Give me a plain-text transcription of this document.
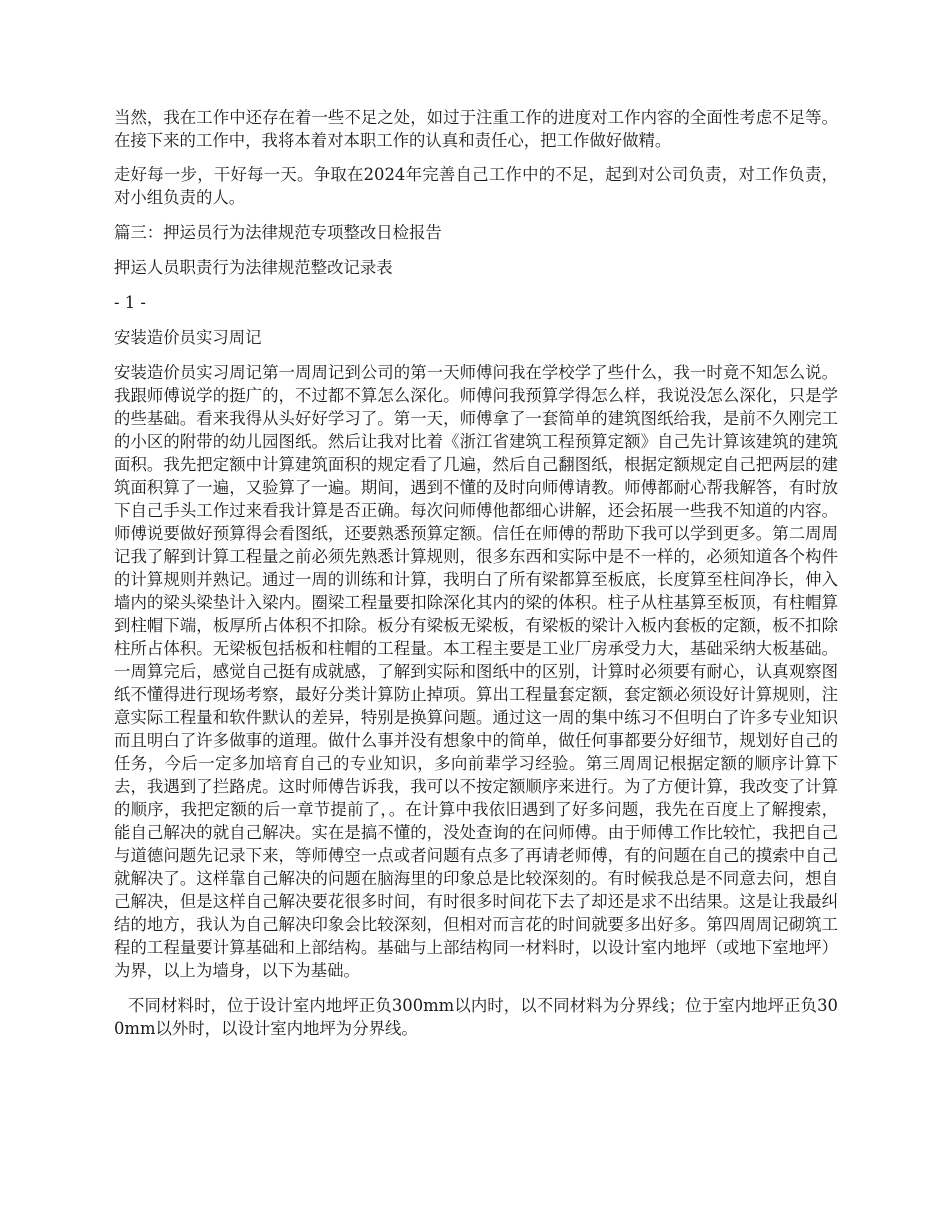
当然，我在工作中还存在着一些不足之处，如过于注重工作的进度对工作内容的全面性考虑不足等。在接下来的工作中，我将本着对本职工作的认真和责任心，把工作做好做精。

走好每一步，干好每一天。争取在2024年完善自己工作中的不足，起到对公司负责，对工作负责，对小组负责的人。

篇三：押运员行为法律规范专项整改日检报告

押运人员职责行为法律规范整改记录表

- 1 -

安装造价员实习周记

安装造价员实习周记第一周周记到公司的第一天师傅问我在学校学了些什么，我一时竟不知怎么说。我跟师傅说学的挺广的，不过都不算怎么深化。师傅问我预算学得怎么样，我说没怎么深化，只是学的些基础。看来我得从头好好学习了。第一天，师傅拿了一套简单的建筑图纸给我，是前不久刚完工的小区的附带的幼儿园图纸。然后让我对比着《浙江省建筑工程预算定额》自己先计算该建筑的建筑面积。我先把定额中计算建筑面积的规定看了几遍，然后自己翻图纸，根据定额规定自己把两层的建筑面积算了一遍，又验算了一遍。期间，遇到不懂的及时向师傅请教。师傅都耐心帮我解答，有时放下自己手头工作过来看我计算是否正确。每次问师傅他都细心讲解，还会拓展一些我不知道的内容。师傅说要做好预算得会看图纸，还要熟悉预算定额。信任在师傅的帮助下我可以学到更多。第二周周记我了解到计算工程量之前必须先熟悉计算规则，很多东西和实际中是不一样的，必须知道各个构件的计算规则并熟记。通过一周的训练和计算，我明白了所有梁都算至板底，长度算至柱间净长，伸入墙内的梁头梁垫计入梁内。圈梁工程量要扣除深化其内的梁的体积。柱子从柱基算至板顶，有柱帽算到柱帽下端，板厚所占体积不扣除。板分有梁板无梁板，有梁板的梁计入板内套板的定额，板不扣除柱所占体积。无梁板包括板和柱帽的工程量。本工程主要是工业厂房承受力大，基础采纳大板基础。一周算完后，感觉自己挺有成就感，了解到实际和图纸中的区别，计算时必须要有耐心，认真观察图纸不懂得进行现场考察，最好分类计算防止掉项。算出工程量套定额，套定额必须设好计算规则，注意实际工程量和软件默认的差异，特别是换算问题。通过这一周的集中练习不但明白了许多专业知识而且明白了许多做事的道理。做什么事并没有想象中的简单，做任何事都要分好细节，规划好自己的任务，今后一定多加培育自己的专业知识，多向前辈学习经验。第三周周记根据定额的顺序计算下去，我遇到了拦路虎。这时师傅告诉我，我可以不按定额顺序来进行。为了方便计算，我改变了计算的顺序，我把定额的后一章节提前了，。在计算中我依旧遇到了好多问题，我先在百度上了解搜索，能自己解决的就自己解决。实在是搞不懂的，没处查询的在问师傅。由于师傅工作比较忙，我把自己与道德问题先记录下来，等师傅空一点或者问题有点多了再请老师傅，有的问题在自己的摸索中自己就解决了。这样靠自己解决的问题在脑海里的印象总是比较深刻的。有时候我总是不同意去问，想自己解决，但是这样自己解决要花很多时间，有时很多时间花下去了却还是求不出结果。这是让我最纠结的地方，我认为自己解决印象会比较深刻，但相对而言花的时间就要多出好多。第四周周记砌筑工程的工程量要计算基础和上部结构。基础与上部结构同一材料时，以设计室内地坪（或地下室地坪）为界，以上为墙身，以下为基础。

不同材料时，位于设计室内地坪正负300mm以内时，以不同材料为分界线；位于室内地坪正负300mm以外时，以设计室内地坪为分界线。
